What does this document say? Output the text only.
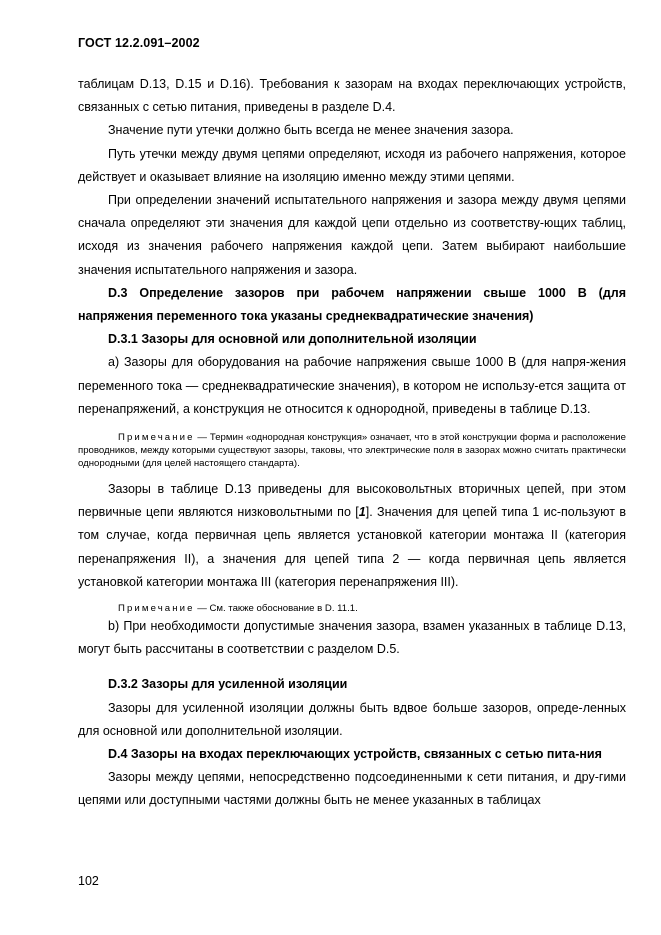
ГОСТ 12.2.091–2002

таблицам D.13, D.15 и D.16). Требования к зазорам на входах переключающих устройств, связанных с сетью питания, приведены в разделе D.4.

Значение пути утечки должно быть всегда не менее значения зазора.

Путь утечки между двумя цепями определяют, исходя из рабочего напряжения, которое действует и оказывает влияние на изоляцию именно между этими цепями.

При определении значений испытательного напряжения и зазора между двумя цепями сначала определяют эти значения для каждой цепи отдельно из соответству-ющих таблиц, исходя из значения рабочего напряжения каждой цепи. Затем выбирают наибольшие значения испытательного напряжения и зазора.

D.3 Определение зазоров при рабочем напряжении свыше 1000 В (для напряжения переменного тока указаны среднеквадратические значения)

D.3.1 Зазоры для основной или дополнительной изоляции

а) Зазоры для оборудования на рабочие напряжения свыше 1000 В (для напря-жения переменного тока — среднеквадратические значения), в котором не использу-ется защита от перенапряжений, а конструкция не относится к однородной, приведены в таблице D.13.

Примечание — Термин «однородная конструкция» означает, что в этой конструкции форма и расположение проводников, между которыми существуют зазоры, таковы, что электрические поля в зазорах можно считать практически однородными (для целей настоящего стандарта).

Зазоры в таблице D.13 приведены для высоковольтных вторичных цепей, при этом первичные цепи являются низковольтными по [1]. Значения для цепей типа 1 ис-пользуют в том случае, когда первичная цепь является установкой категории монтажа II (категория перенапряжения II), а значения для цепей типа 2 — когда первичная цепь является установкой категории монтажа III (категория перенапряжения III).

Примечание — См. также обоснование в D. 11.1.

b) При необходимости допустимые значения зазора, взамен указанных в таблице D.13, могут быть рассчитаны в соответствии с разделом D.5.

D.3.2 Зазоры для усиленной изоляции

Зазоры для усиленной изоляции должны быть вдвое больше зазоров, опреде-ленных для основной или дополнительной изоляции.

D.4 Зазоры на входах переключающих устройств, связанных с сетью пита-ния

Зазоры между цепями, непосредственно подсоединенными к сети питания, и дру-гими цепями или доступными частями должны быть не менее указанных в таблицах

102
